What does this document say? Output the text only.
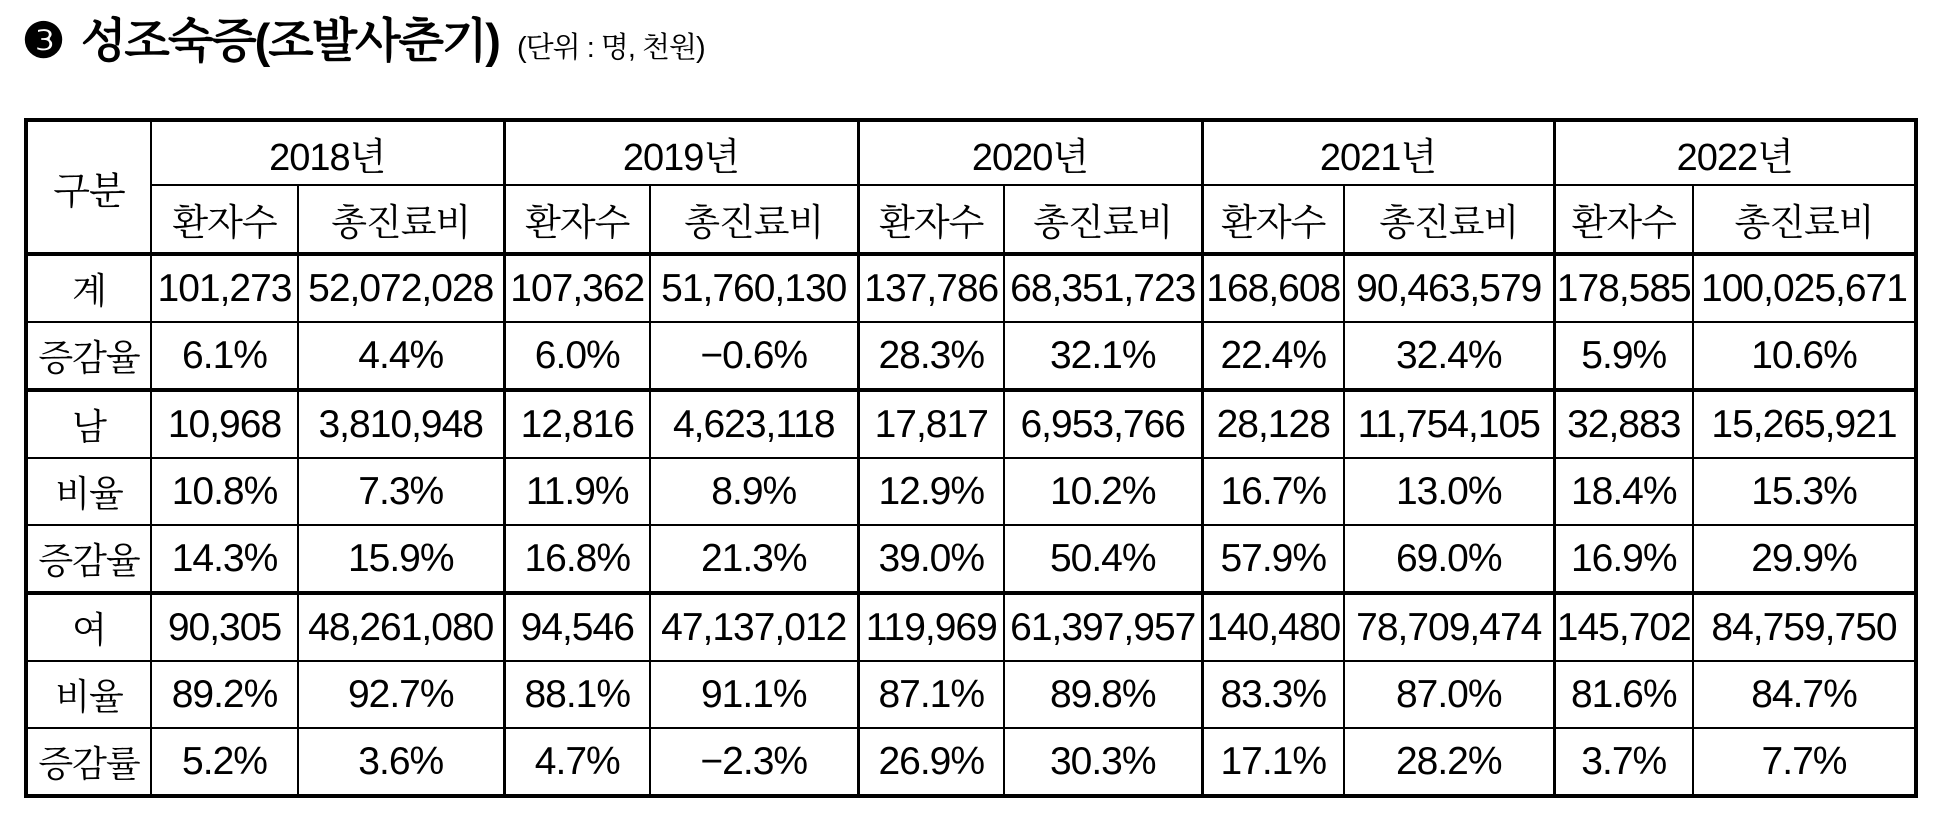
❸ 성조숙증(조발사춘기) (단위 : 명, 천원)
구분	2018년		2019년		2020년		2021년		2022년	
	환자수	총진료비	환자수	총진료비	환자수	총진료비	환자수	총진료비	환자수	총진료비
계	101,273	52,072,028	107,362	51,760,130	137,786	68,351,723	168,608	90,463,579	178,585	100,025,671
증감율	6.1%	4.4%	6.0%	−0.6%	28.3%	32.1%	22.4%	32.4%	5.9%	10.6%
남	10,968	3,810,948	12,816	4,623,118	17,817	6,953,766	28,128	11,754,105	32,883	15,265,921
비율	10.8%	7.3%	11.9%	8.9%	12.9%	10.2%	16.7%	13.0%	18.4%	15.3%
증감율	14.3%	15.9%	16.8%	21.3%	39.0%	50.4%	57.9%	69.0%	16.9%	29.9%
여	90,305	48,261,080	94,546	47,137,012	119,969	61,397,957	140,480	78,709,474	145,702	84,759,750
비율	89.2%	92.7%	88.1%	91.1%	87.1%	89.8%	83.3%	87.0%	81.6%	84.7%
증감률	5.2%	3.6%	4.7%	−2.3%	26.9%	30.3%	17.1%	28.2%	3.7%	7.7%
